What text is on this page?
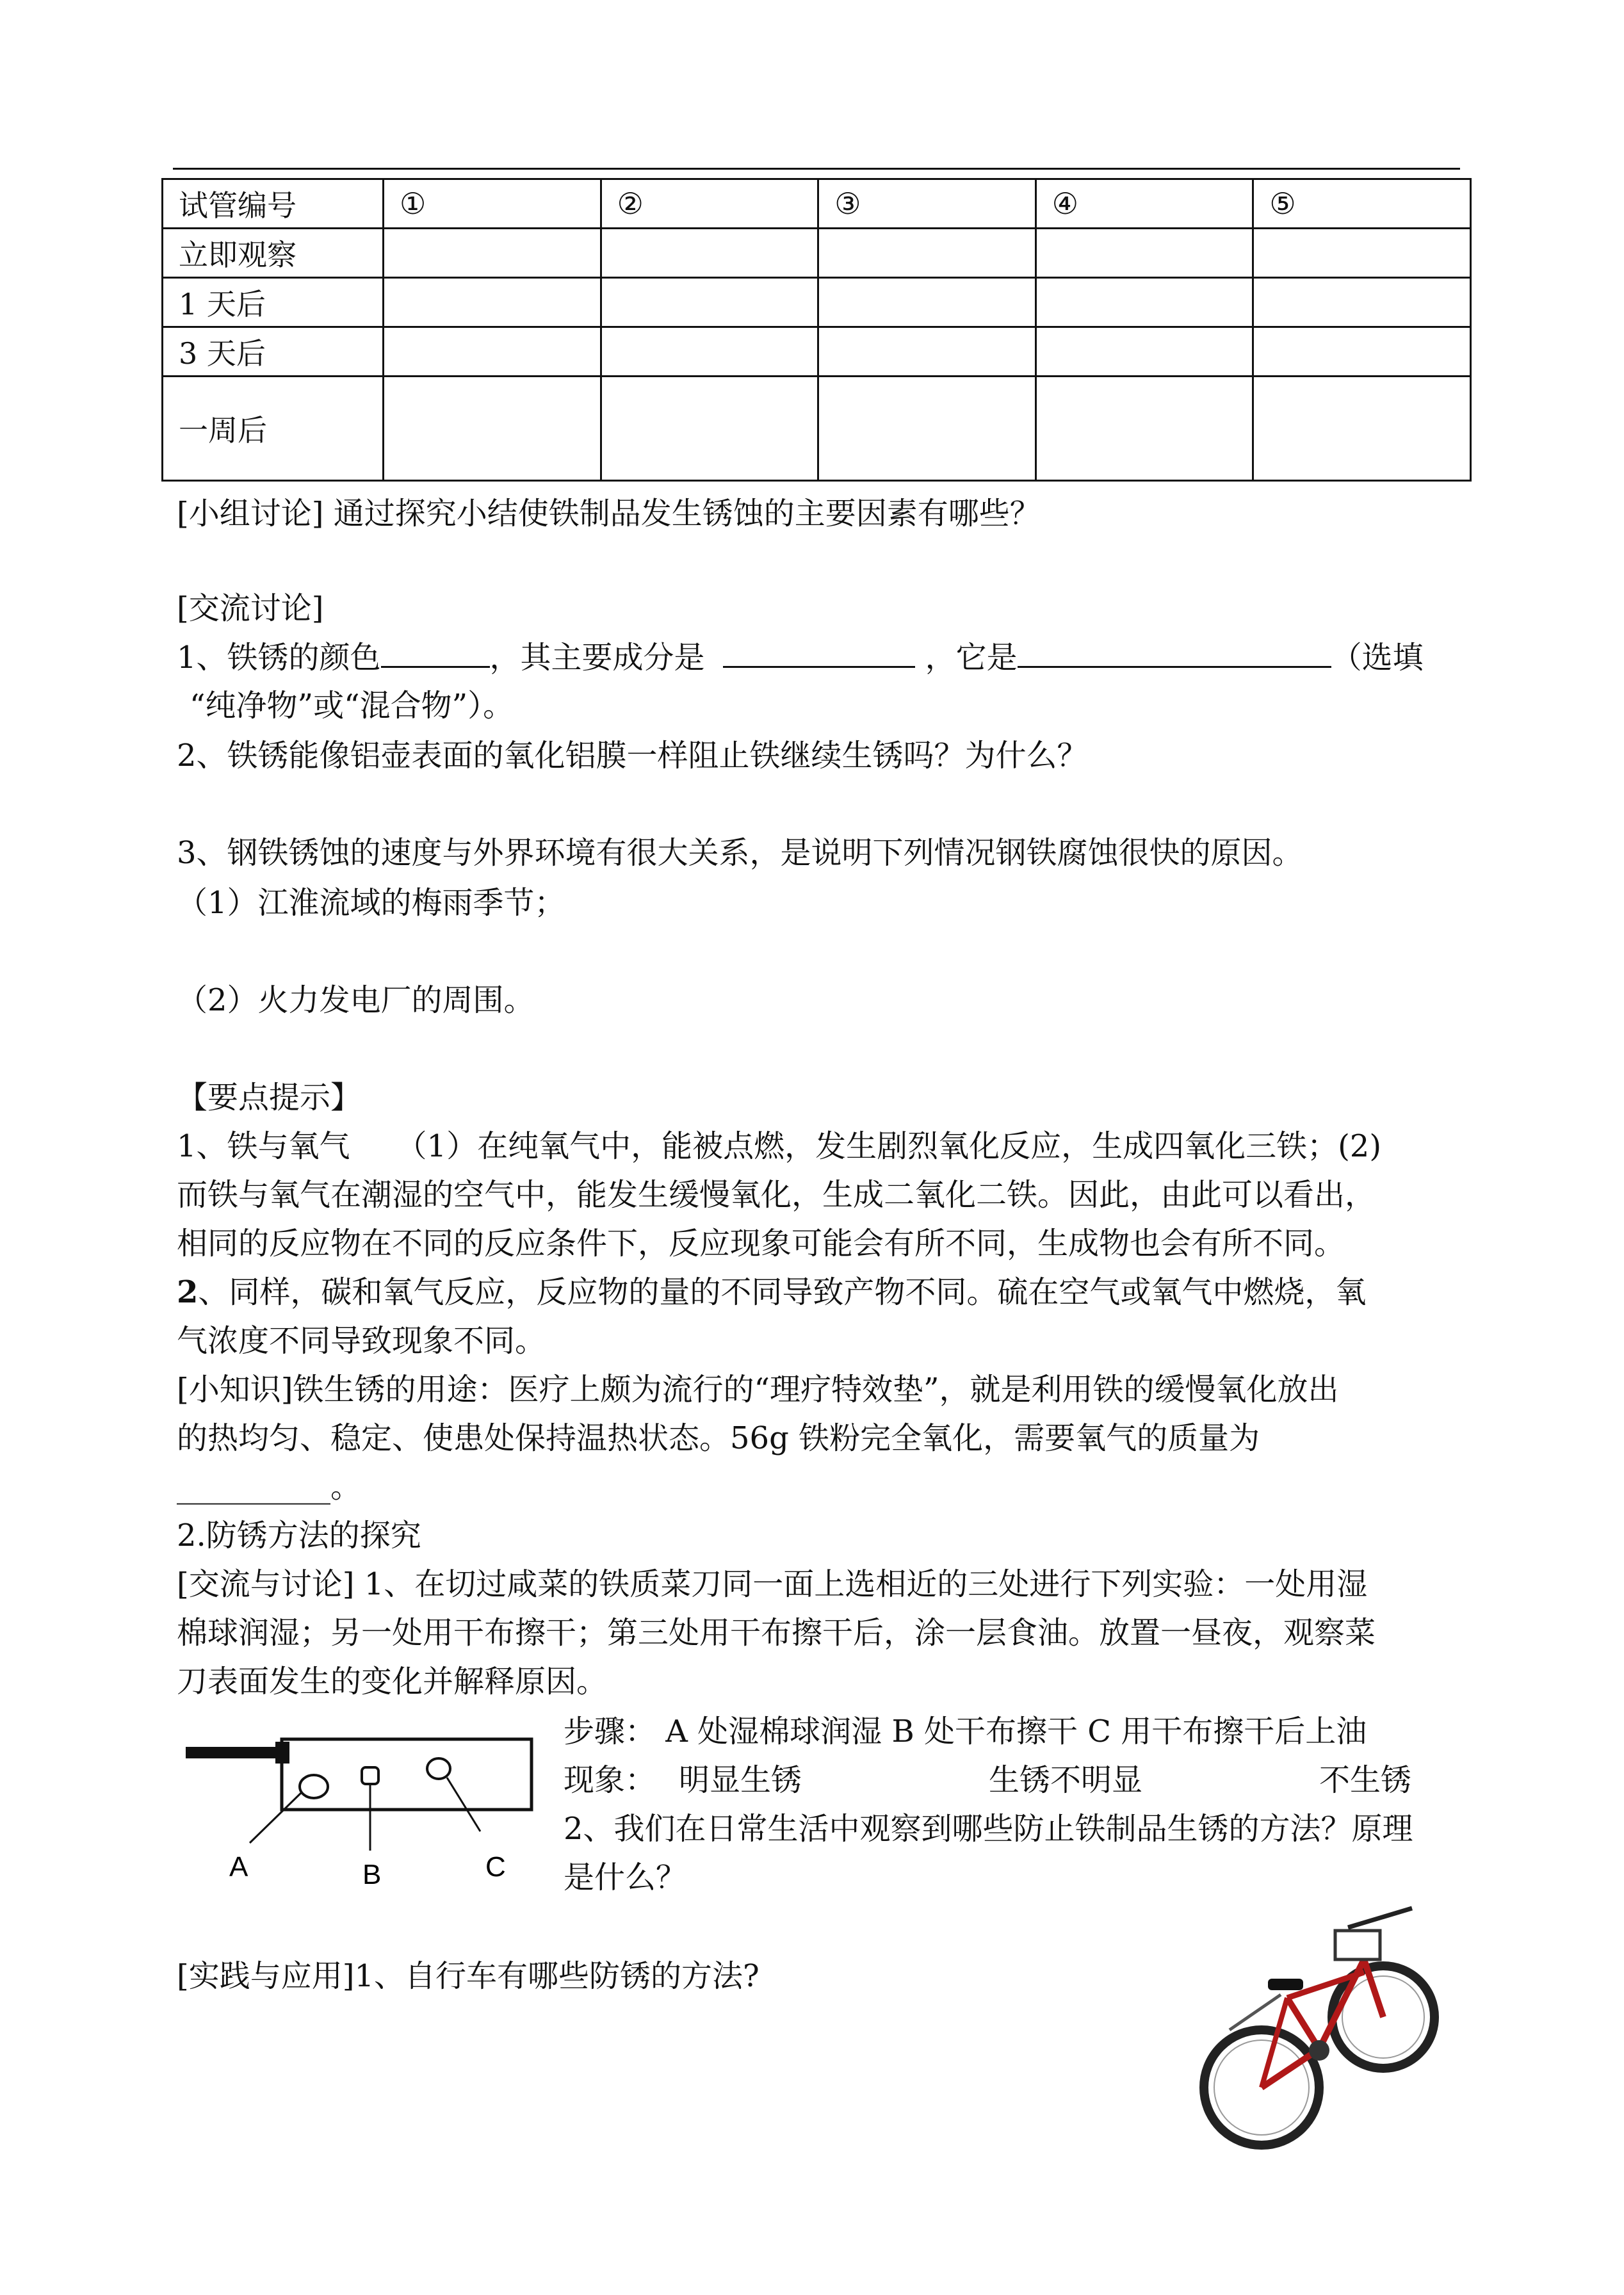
试管编号	①	②	③	④	⑤
立即观察					
1 天后					
3 天后					
一周后					
[小组讨论] 通过探究小结使铁制品发生锈蚀的主要因素有哪些？
[交流讨论]
1、铁锈的颜色	，其主要成分是	，它是	（选填
“纯净物”或“混合物”）。
2、铁锈能像铝壶表面的氧化铝膜一样阻止铁继续生锈吗？为什么？
3、钢铁锈蚀的速度与外界环境有很大关系，是说明下列情况钢铁腐蚀很快的原因。
（1）江淮流域的梅雨季节；
（2）火力发电厂的周围。
【要点提示】
1、铁与氧气　　（1）在纯氧气中，能被点燃，发生剧烈氧化反应，生成四氧化三铁；(2)
而铁与氧气在潮湿的空气中，能发生缓慢氧化，生成二氧化二铁。因此，由此可以看出，
相同的反应物在不同的反应条件下，反应现象可能会有所不同，生成物也会有所不同。
2、同样，碳和氧气反应，反应物的量的不同导致产物不同。硫在空气或氧气中燃烧，氧
气浓度不同导致现象不同。
[小知识]铁生锈的用途：医疗上颇为流行的“理疗特效垫”，就是利用铁的缓慢氧化放出
的热均匀、稳定、使患处保持温热状态。56g 铁粉完全氧化，需要氧气的质量为
__________。
2.防锈方法的探究
[交流与讨论] 1、在切过咸菜的铁质菜刀同一面上选相近的三处进行下列实验：一处用湿
棉球润湿；另一处用干布擦干；第三处用干布擦干后，涂一层食油。放置一昼夜，观察菜
刀表面发生的变化并解释原因。
A	B	C
步骤： A 处湿棉球润湿 B 处干布擦干 C 用干布擦干后上油
现象： 明显生锈	生锈不明显	不生锈
2、我们在日常生活中观察到哪些防止铁制品生锈的方法？原理
是什么？
[实践与应用]1、自行车有哪些防锈的方法?
